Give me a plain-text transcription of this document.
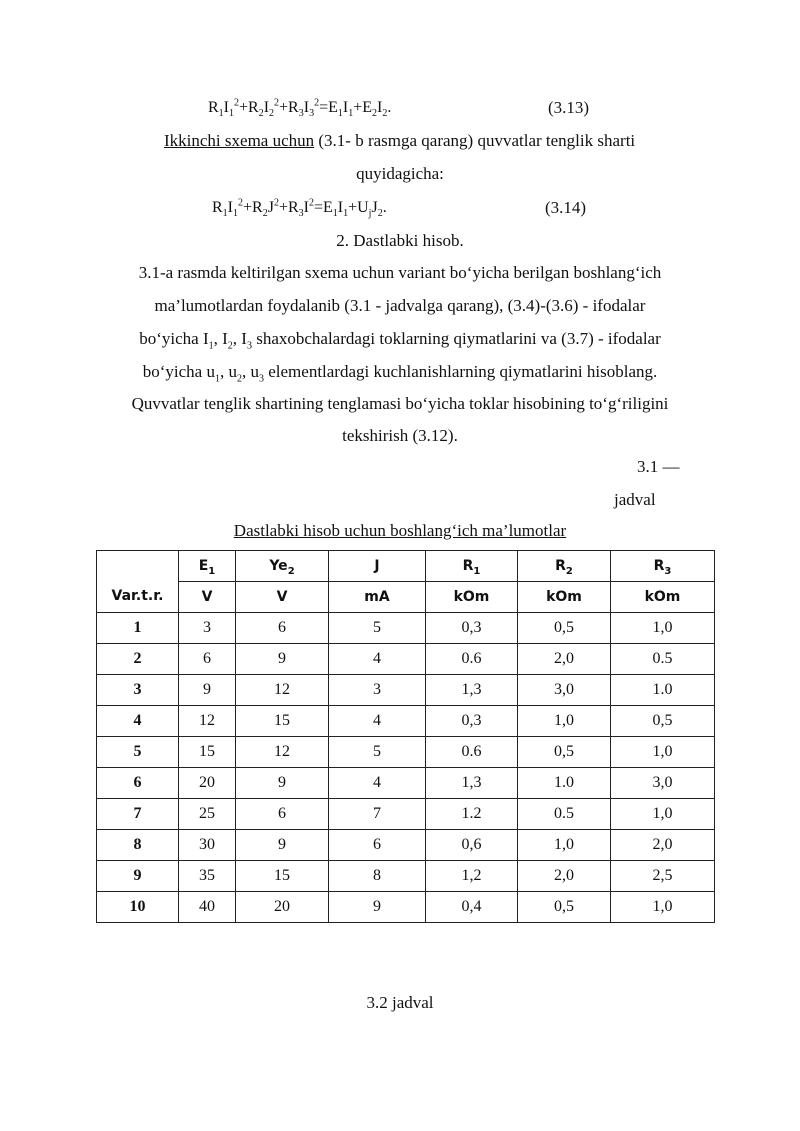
$R_1I_1^2+R_2I_2^2+R_3I_3^2=E_1I_1+E_2I_2$.	(3.13)
Ikkinchi sxema uchun (3.1- b rasmga qarang) quvvatlar tenglik sharti
quyidagicha:
$R_1I_1^2+R_2J^2+R_3I^2=E_1I_1+U_jJ_2$.	(3.14)
2. Dastlabki hisob.
3.1-a rasmda keltirilgan sxema uchun variant bo‘yicha berilgan boshlang‘ich
ma’lumotlardan foydalanib (3.1 - jadvalga qarang), (3.4)-(3.6) - ifodalar
bo‘yicha $I_1$, $I_2$, $I_3$ shaxobchalardagi toklarning qiymatlarini va (3.7) - ifodalar
bo‘yicha $u_1$, $u_2$, $u_3$ elementlardagi kuchlanishlarning qiymatlarini hisoblang.
Quvvatlar tenglik shartining tenglamasi bo‘yicha toklar hisobining to‘g‘riligini
tekshirish (3.12).
3.1 —
jadval
Dastlabki hisob uchun boshlang‘ich ma’lumotlar
Var.t.r.	$E_1$	$Ye_2$	J	$R_1$	$R_2$	$R_3$
	V	V	mA	kOm	kOm	kOm
1	3	6	5	0,3	0,5	1,0
2	6	9	4	0.6	2,0	0.5
3	9	12	3	1,3	3,0	1.0
4	12	15	4	0,3	1,0	0,5
5	15	12	5	0.6	0,5	1,0
6	20	9	4	1,3	1.0	3,0
7	25	6	7	1.2	0.5	1,0
8	30	9	6	0,6	1,0	2,0
9	35	15	8	1,2	2,0	2,5
10	40	20	9	0,4	0,5	1,0
3.2 jadval
